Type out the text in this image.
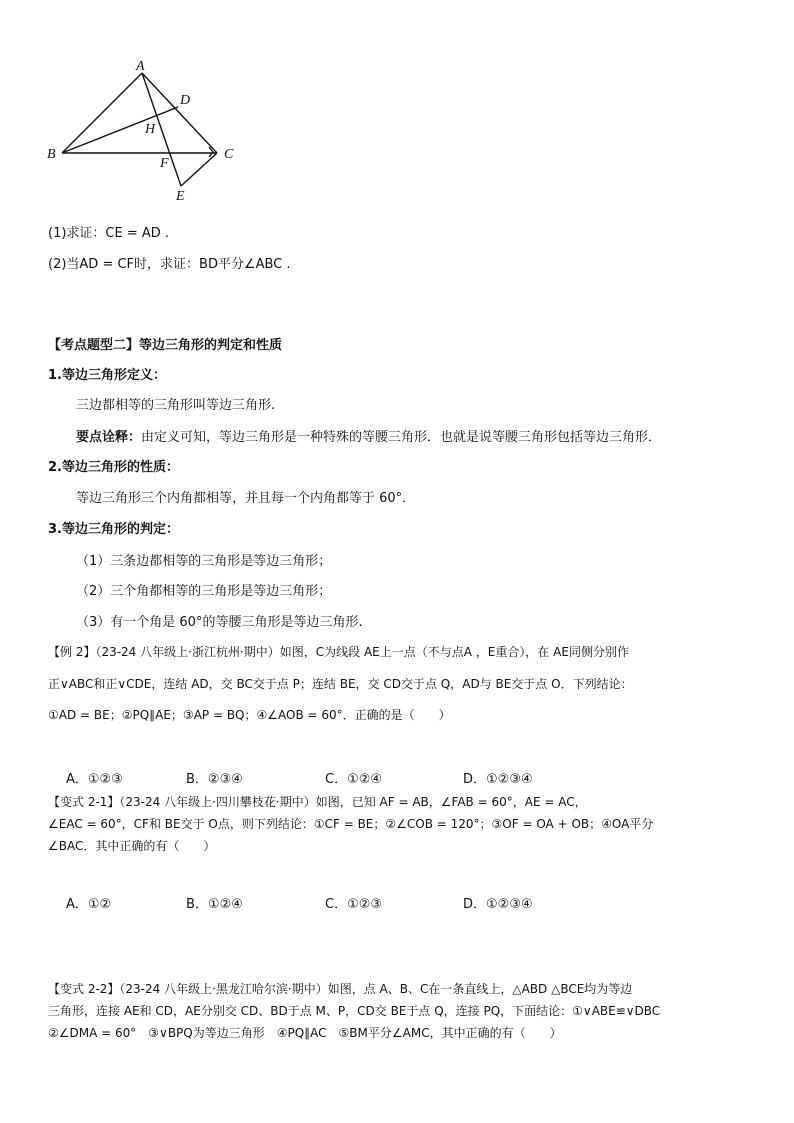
A
D
H
B	C
F
E
(1)求证：CE = AD .
(2)当AD = CF时，求证：BD平分∠ABC .
【考点题型二】等边三角形的判定和性质
1.等边三角形定义：
三边都相等的三角形叫等边三角形.
要点诠释：由定义可知，等边三角形是一种特殊的等腰三角形．也就是说等腰三角形包括等边三角形．
2.等边三角形的性质：
等边三角形三个内角都相等，并且每一个内角都等于 60°．
3.等边三角形的判定：
（1）三条边都相等的三角形是等边三角形；
（2）三个角都相等的三角形是等边三角形；
（3）有一个角是 60°的等腰三角形是等边三角形.
【例 2】（23-24 八年级上·浙江杭州·期中）如图，C为线段 AE上一点（不与点A ，E重合），在 AE同侧分别作
正∨ABC和正∨CDE，连结 AD，交 BC交于点 P；连结 BE，交 CD交于点 Q，AD与 BE交于点 O．下列结论：
①AD = BE；②PQ∥AE；③AP = BQ；④∠AOB = 60°．正确的是（　　）
A．①②③	B．②③④	C．①②④	D．①②③④
【变式 2-1】（23-24 八年级上·四川攀枝花·期中）如图，已知 AF = AB，∠FAB = 60°，AE = AC，
∠EAC = 60°，CF和 BE交于 O点，则下列结论：①CF = BE；②∠COB = 120°；③OF = OA + OB；④OA平分
∠BAC．其中正确的有（　　）
A．①②	B．①②④	C．①②③	D．①②③④
【变式 2-2】（23-24 八年级上·黑龙江哈尔滨·期中）如图，点 A、B、C在一条直线上，△ABD △BCE均为等边
三角形，连接 AE和 CD，AE分别交 CD、BD于点 M、P，CD交 BE于点 Q，连接 PQ，下面结论：①∨ABE≌∨DBC
②∠DMA = 60°　③∨BPQ为等边三角形　④PQ∥AC　⑤BM平分∠AMC，其中正确的有（　　）
